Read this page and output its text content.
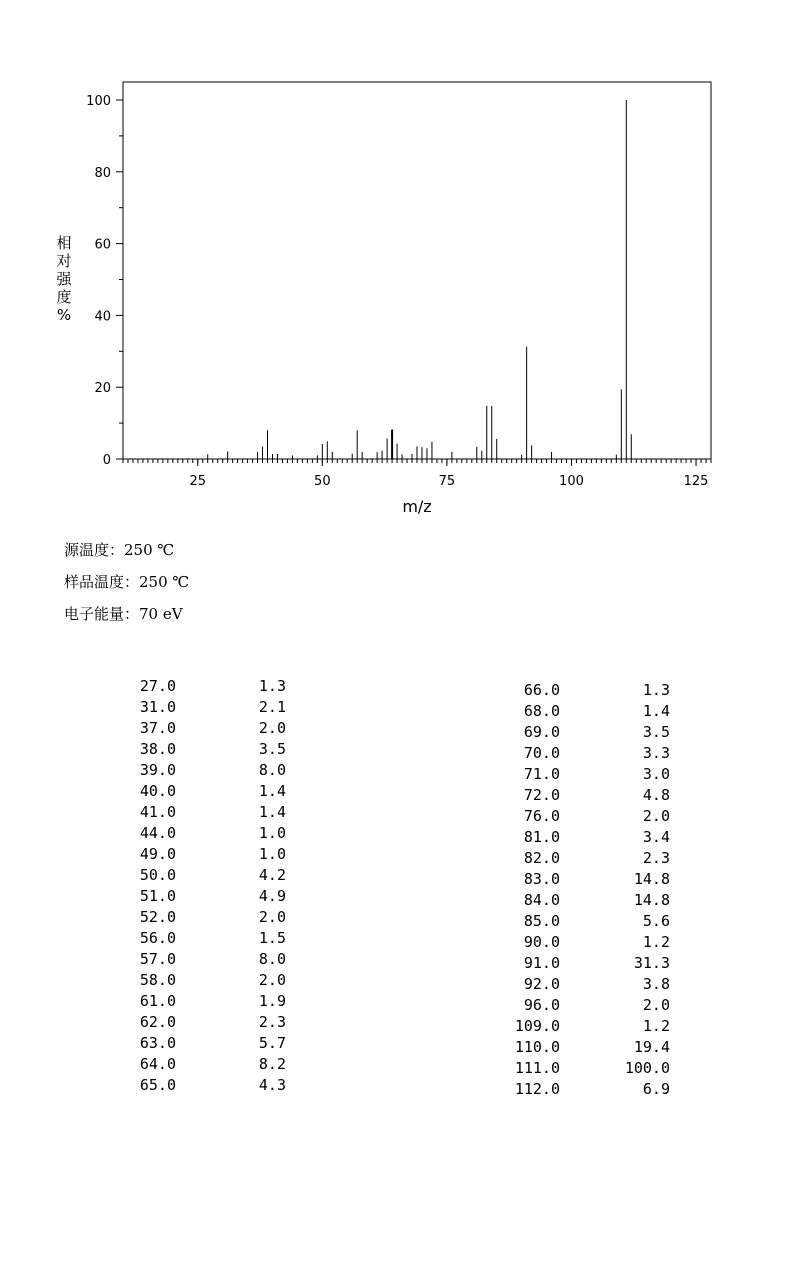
0
20
40
60
80
100
25	50	75	100	125
m/z
相对强度%
源温度：250 ℃
样品温度：250 ℃
电子能量：70 eV
27.0	1.3
31.0	2.1
37.0	2.0
38.0	3.5
39.0	8.0
40.0	1.4
41.0	1.4
44.0	1.0
49.0	1.0
50.0	4.2
51.0	4.9
52.0	2.0
56.0	1.5
57.0	8.0
58.0	2.0
61.0	1.9
62.0	2.3
63.0	5.7
64.0	8.2
65.0	4.3
66.0	1.3
68.0	1.4
69.0	3.5
70.0	3.3
71.0	3.0
72.0	4.8
76.0	2.0
81.0	3.4
82.0	2.3
83.0	14.8
84.0	14.8
85.0	5.6
90.0	1.2
91.0	31.3
92.0	3.8
96.0	2.0
109.0	1.2
110.0	19.4
111.0	100.0
112.0	6.9
